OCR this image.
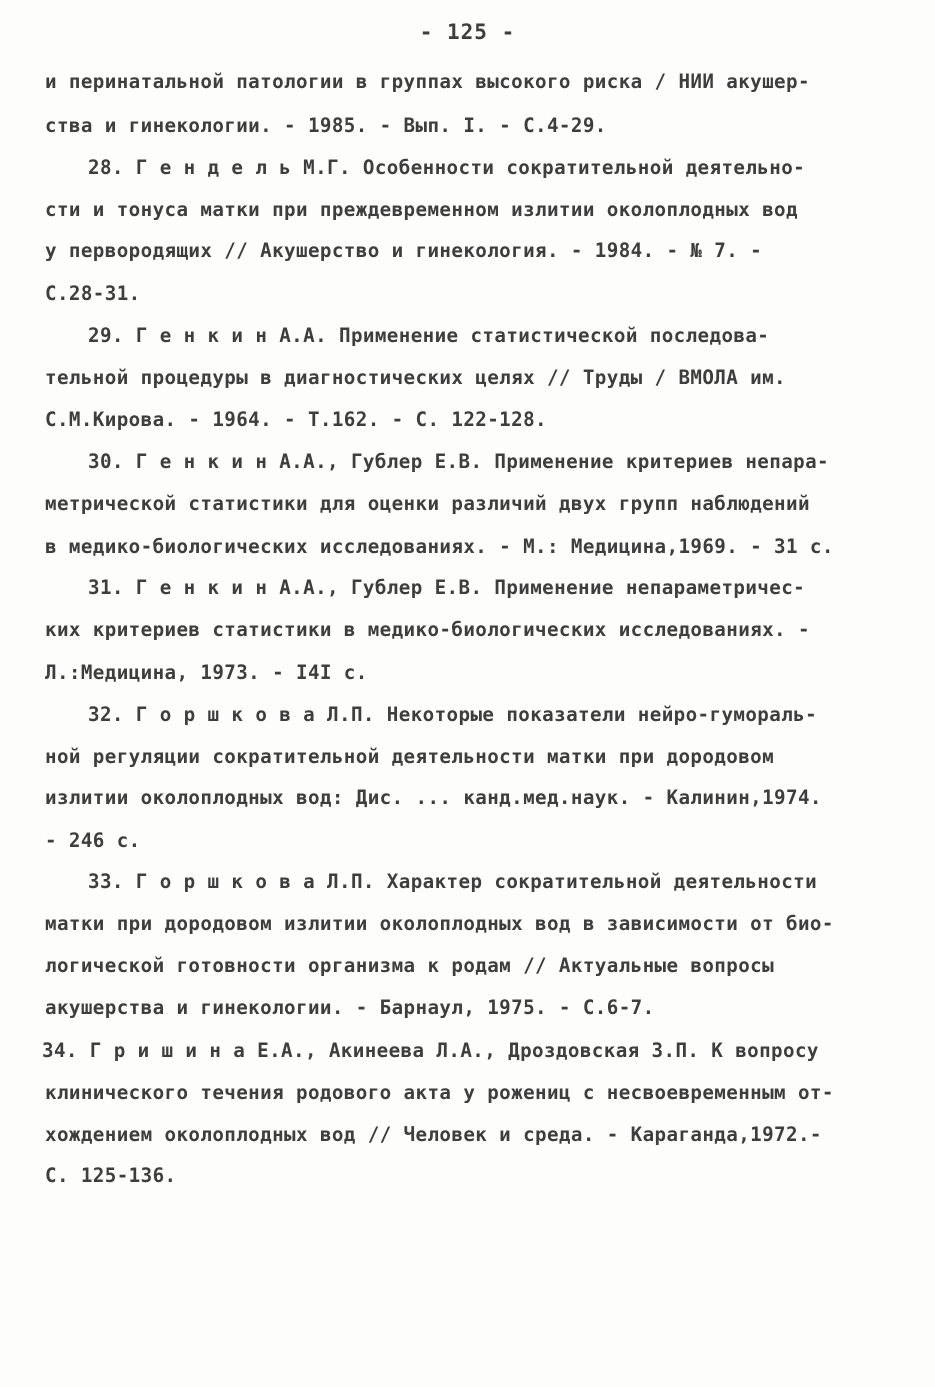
- 125 -
и перинатальной патологии в группах высокого риска / НИИ акушер-
ства и гинекологии. - 1985. - Вып. I. - С.4-29.
28. Г е н д е л ь М.Г. Особенности сократительной деятельно-
сти и тонуса матки при преждевременном излитии околоплодных вод
у первородящих // Акушерство и гинекология. - 1984. - № 7. -
С.28-31.
29. Г е н к и н А.А. Применение статистической последова-
тельной процедуры в диагностических целях // Труды / ВМОЛА им.
С.М.Кирова. - 1964. - Т.162. - С. 122-128.
30. Г е н к и н А.А., Гублер Е.В. Применение критериев непара-
метрической статистики для оценки различий двух групп наблюдений
в медико-биологических исследованиях. - М.: Медицина,1969. - 31 с.
31. Г е н к и н А.А., Гублер Е.В. Применение непараметричес-
ких критериев статистики в медико-биологических исследованиях. -
Л.:Медицина, 1973. - I4I с.
32. Г о р ш к о в а Л.П. Некоторые показатели нейро-гумораль-
ной регуляции сократительной деятельности матки при дородовом
излитии околоплодных вод: Дис. ... канд.мед.наук. - Калинин,1974.
- 246 с.
33. Г о р ш к о в а Л.П. Характер сократительной деятельности
матки при дородовом излитии околоплодных вод в зависимости от био-
логической готовности организма к родам // Актуальные вопросы
акушерства и гинекологии. - Барнаул, 1975. - С.6-7.
34. Г р и ш и н а Е.А., Акинеева Л.А., Дроздовская З.П. К вопросу
клинического течения родового акта у рожениц с несвоевременным от-
хождением околоплодных вод // Человек и среда. - Караганда,1972.-
С. 125-136.
